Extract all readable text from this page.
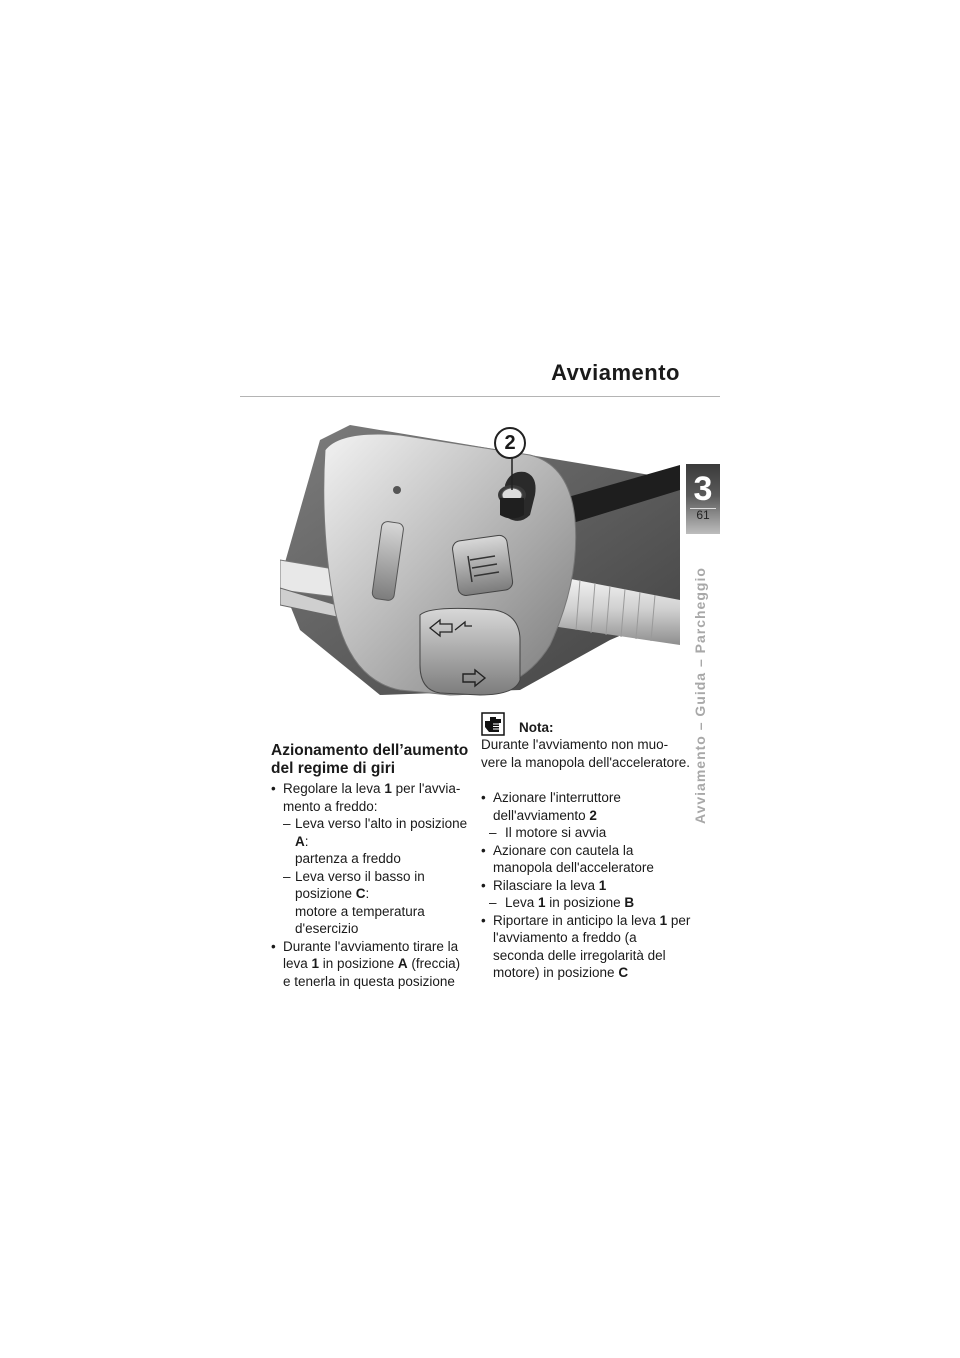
Avviamento
3
61
Avviamento – Guida – Parcheggio
2
Azionamento dell’aumento del regime di giri
• Regolare la leva 1 per l'avvia-mento a freddo:
– Leva verso l'alto in posizione A:
partenza a freddo
– Leva verso il basso in posizione C:
motore a temperatura d'esercizio
• Durante l'avviamento tirare la leva 1 in posizione A (freccia) e tenerla in questa posizione
Nota:
Durante l'avviamento non muo-vere la manopola dell'acceleratore.
• Azionare l'interruttore dell'avviamento 2
– Il motore si avvia
• Azionare con cautela la manopola dell'acceleratore
• Rilasciare la leva 1
– Leva 1 in posizione B
• Riportare in anticipo la leva 1 per l'avviamento a freddo (a seconda delle irregolarità del motore) in posizione C
